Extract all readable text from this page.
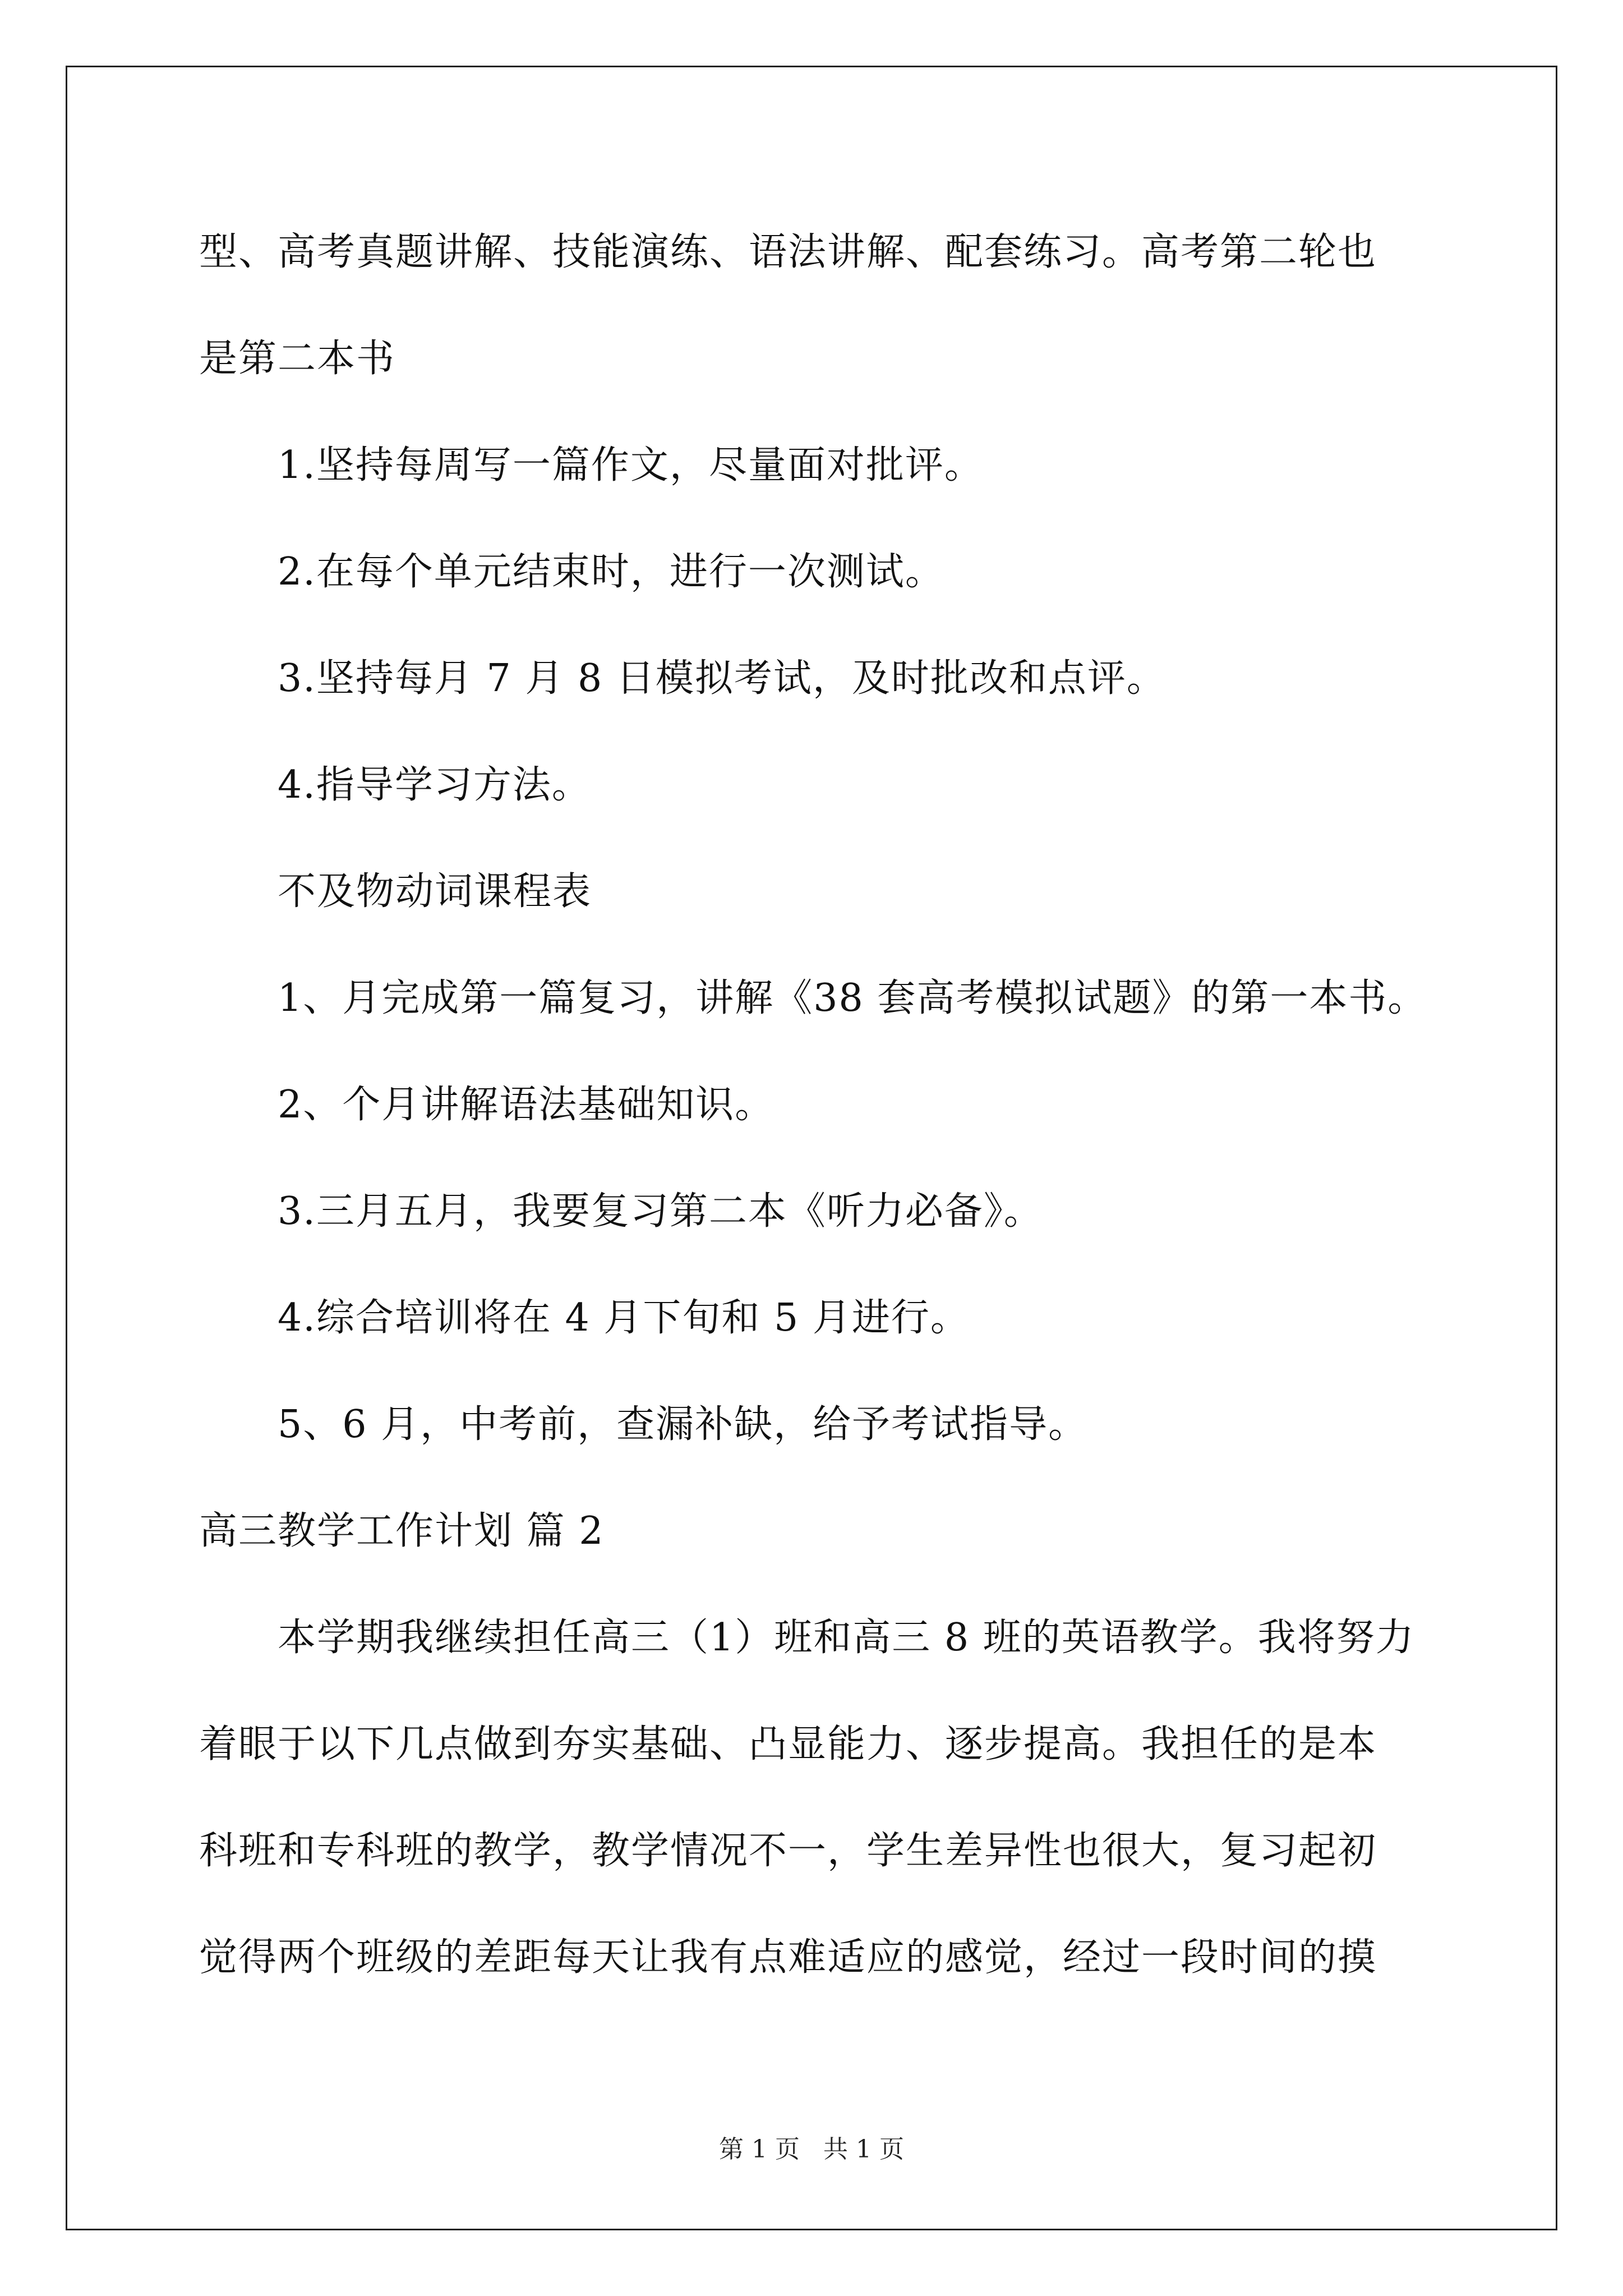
型、高考真题讲解、技能演练、语法讲解、配套练习。高考第二轮也
是第二本书
1.坚持每周写一篇作文，尽量面对批评。
2.在每个单元结束时，进行一次测试。
3.坚持每月 7 月 8 日模拟考试，及时批改和点评。
4.指导学习方法。
不及物动词课程表
1、月完成第一篇复习，讲解《38 套高考模拟试题》的第一本书。
2、个月讲解语法基础知识。
3.三月五月，我要复习第二本《听力必备》。
4.综合培训将在 4 月下旬和 5 月进行。
5、6 月，中考前，查漏补缺，给予考试指导。
高三教学工作计划 篇 2
本学期我继续担任高三（1）班和高三 8 班的英语教学。我将努力
着眼于以下几点做到夯实基础、凸显能力、逐步提高。我担任的是本
科班和专科班的教学，教学情况不一，学生差异性也很大，复习起初
觉得两个班级的差距每天让我有点难适应的感觉，经过一段时间的摸
第 1 页   共 1 页
